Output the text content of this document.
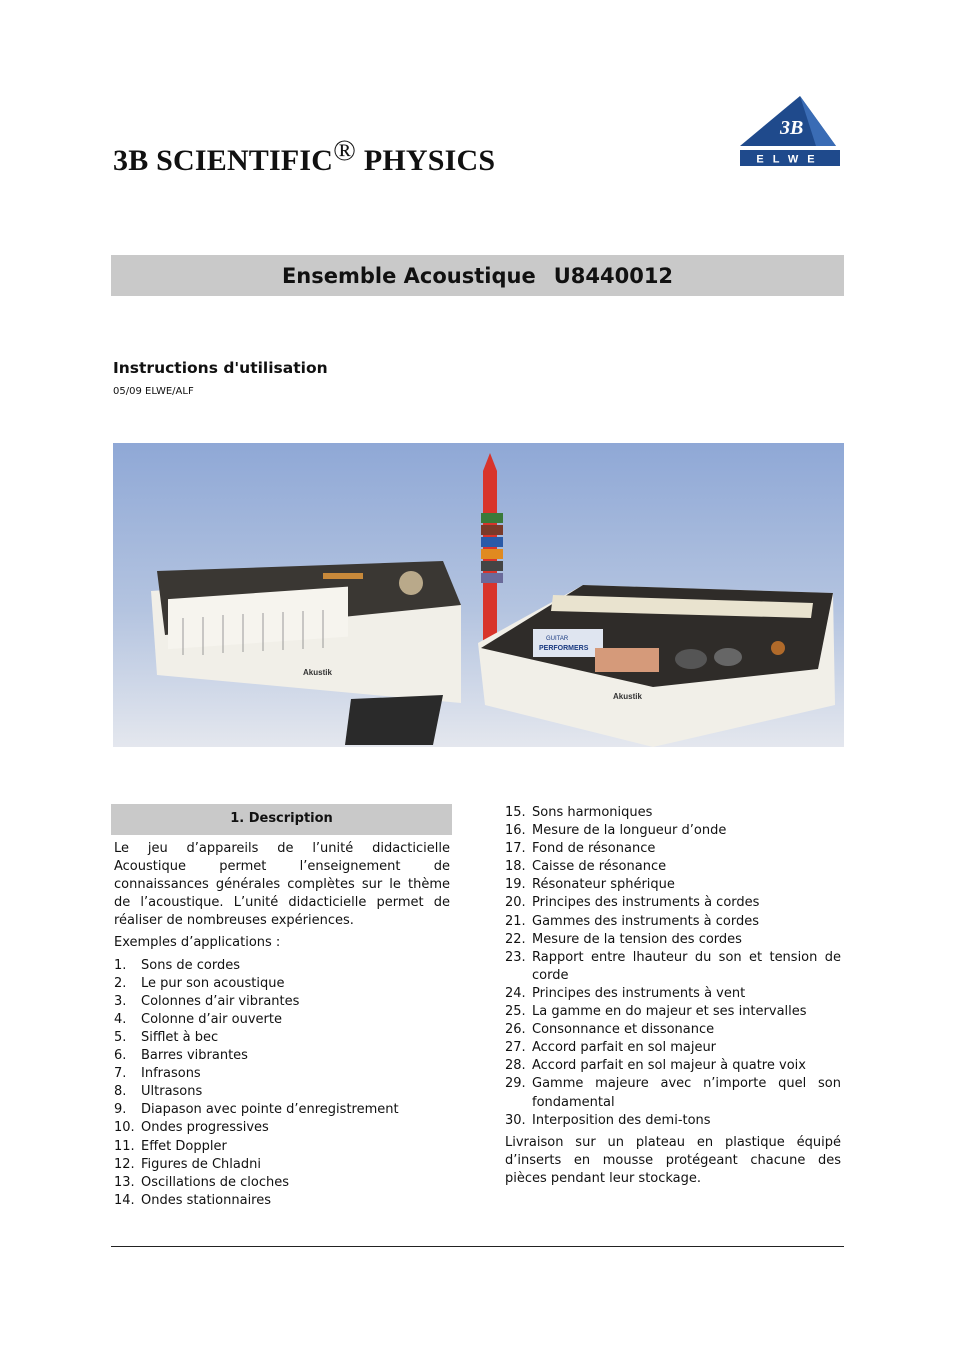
3B SCIENTIFIC® PHYSICS
3B
ELWE
Ensemble Acoustique U8440012
Instructions d'utilisation
05/09 ELWE/ALF
Akustik
GUITAR
PERFORMERS
Akustik
1. Description
Le jeu d’appareils de l’unité didacticielle Acoustique permet l’enseignement de connaissances générales complètes sur le thème de l’acoustique. L’unité didacticielle permet de réaliser de nombreuses expériences.
Exemples d’applications :
1.	Sons de cordes
2.	Le pur son acoustique
3.	Colonnes d’air vibrantes
4.	Colonne d’air ouverte
5.	Sifflet à bec
6.	Barres vibrantes
7.	Infrasons
8.	Ultrasons
9.	Diapason avec pointe d’enregistrement
10. Ondes progressives
11. Effet Doppler
12. Figures de Chladni
13. Oscillations de cloches
14. Ondes stationnaires
15. Sons harmoniques
16. Mesure de la longueur d’onde
17. Fond de résonance
18. Caisse de résonance
19. Résonateur sphérique
20. Principes des instruments à cordes
21. Gammes des instruments à cordes
22. Mesure de la tension des cordes
23. Rapport entre lhauteur du son et tension de corde
24. Principes des instruments à vent
25. La gamme en do majeur et ses intervalles
26. Consonnance et dissonance
27. Accord parfait en sol majeur
28. Accord parfait en sol majeur à quatre voix
29. Gamme majeure avec n’importe quel son fondamental
30. Interposition des demi-tons
Livraison sur un plateau en plastique équipé d’inserts en mousse protégeant chacune des pièces pendant leur stockage.
